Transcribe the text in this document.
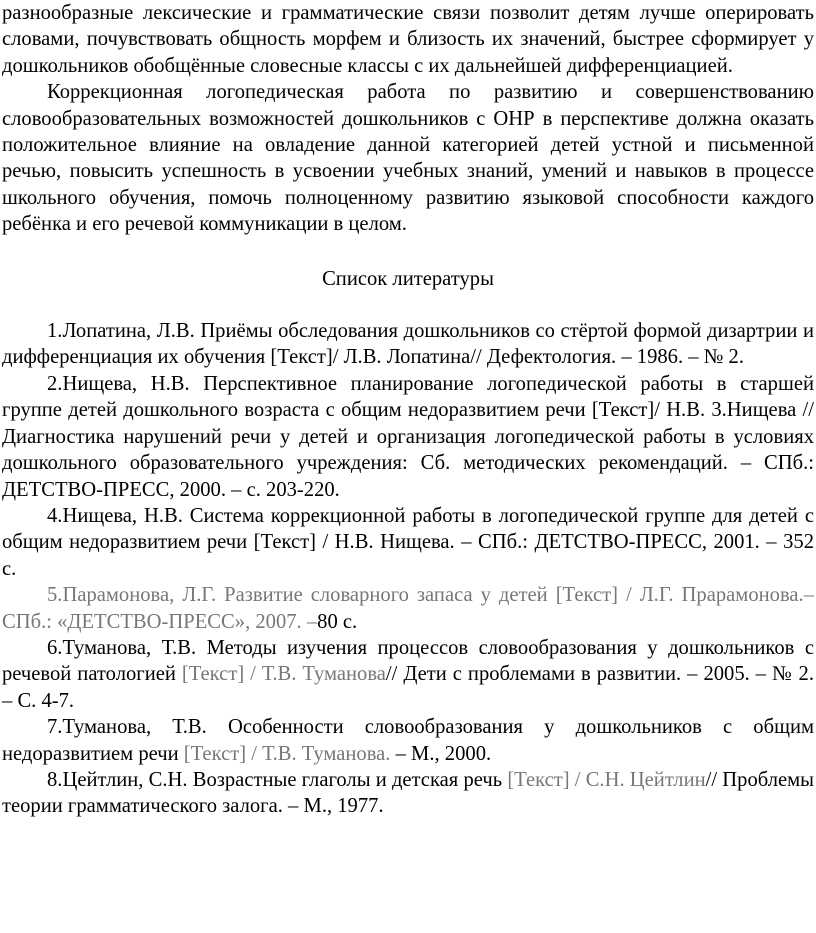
разнообразные лексические и грамматические связи позволит детям лучше оперировать словами, почувствовать общность морфем и близость их значений, быстрее сформирует у дошкольников обобщённые словесные классы с их дальнейшей дифференциацией.

Коррекционная логопедическая работа по развитию и совершенствованию словообразовательных возможностей дошкольников с ОНР в перспективе должна оказать положительное влияние на овладение данной категорией детей устной и письменной речью, повысить успешность в усвоении учебных знаний, умений и навыков в процессе школьного обучения, помочь полноценному развитию языковой способности каждого ребёнка и его речевой коммуникации в целом.

Список литературы

1.Лопатина, Л.В. Приёмы обследования дошкольников со стёртой формой дизартрии и дифференциация их обучения [Текст]/ Л.В. Лопатина// Дефектология. – 1986. – № 2.

2.Нищева, Н.В. Перспективное планирование логопедической работы в старшей группе детей дошкольного возраста с общим недоразвитием речи [Текст]/ Н.В. 3.Нищева //Диагностика нарушений речи у детей и организация логопедической работы в условиях дошкольного образовательного учреждения: Сб. методических рекомендаций. – СПб.: ДЕТСТВО-ПРЕСС, 2000. – с. 203-220.

4.Нищева, Н.В. Система коррекционной работы в логопедической группе для детей с общим недоразвитием речи [Текст] / Н.В. Нищева. – СПб.: ДЕТСТВО-ПРЕСС, 2001. – 352 с.

5.Парамонова, Л.Г. Развитие словарного запаса у детей [Текст] / Л.Г. Прарамонова.– СПб.: «ДЕТСТВО-ПРЕСС», 2007. –80 с.

6.Туманова, Т.В. Методы изучения процессов словообразования у дошкольников с речевой патологией [Текст] / Т.В. Туманова// Дети с проблемами в развитии. – 2005. – № 2. – С. 4-7.

7.Туманова, Т.В. Особенности словообразования у дошкольников с общим недоразвитием речи [Текст] / Т.В. Туманова. – М., 2000.

8.Цейтлин, С.Н. Возрастные глаголы и детская речь [Текст] / С.Н. Цейтлин// Проблемы теории грамматического залога. – М., 1977.
